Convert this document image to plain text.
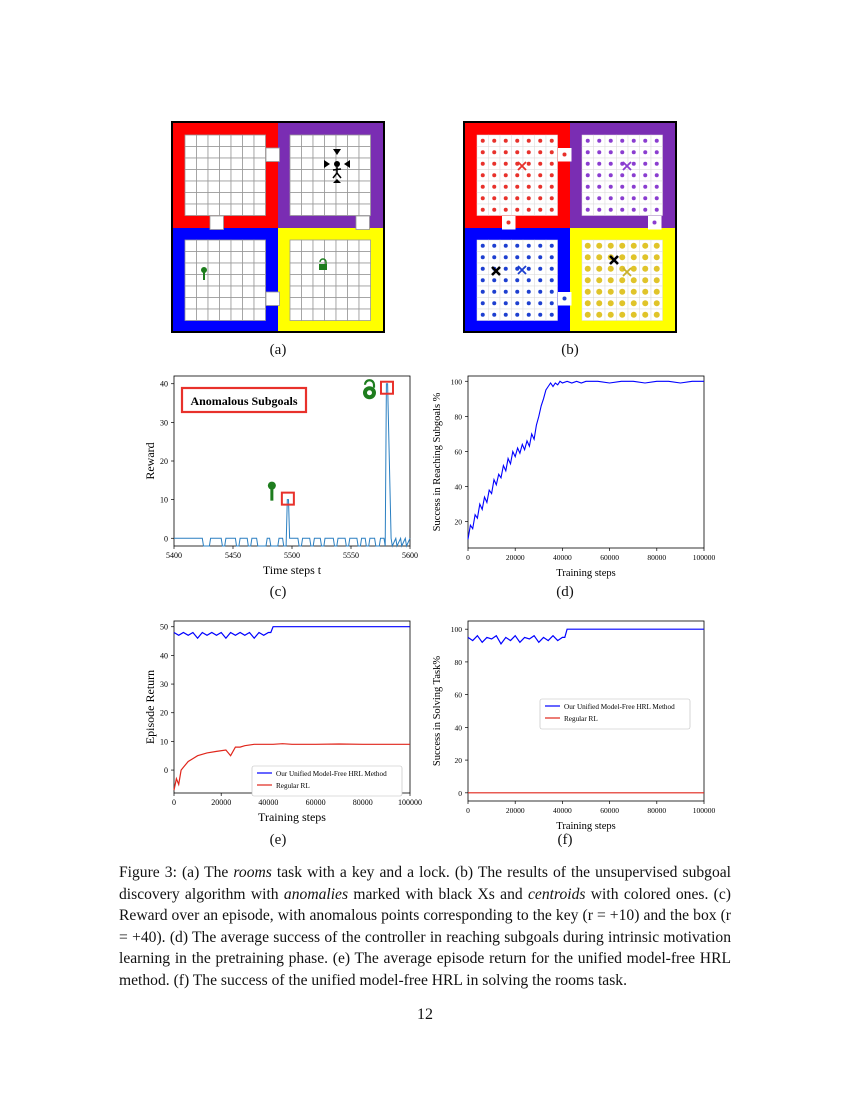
(a)	(b)
5400	5450	5500	5550	5600
0
10
20
30
40
Time steps t
Reward
Anomalous Subgoals
(c)
0	20000	40000	60000	80000	100000
20
40
60
80
100
Training steps
Success in Reaching Subgoals %
(d)
0	20000	40000	60000	80000	100000
0
10
20
30
40
50
Training steps
Episode Return
Our Unified Model-Free HRL Method
Regular RL
(e)
0	20000	40000	60000	80000	100000
0
20
40
60
80
100
Training steps
Success in Solving Task%	Our Unified Model-Free HRL Method
Regular RL
(f)
Figure 3: (a) The rooms task with a key and a lock. (b) The results of the unsupervised subgoal discovery algorithm with anomalies marked with black Xs and centroids with colored ones. (c) Reward over an episode, with anomalous points corresponding to the key (r = +10) and the box (r = +40). (d) The average success of the controller in reaching subgoals during intrinsic motivation learning in the pretraining phase. (e) The average episode return for the unified model-free HRL method. (f) The success of the unified model-free HRL in solving the rooms task.
12
